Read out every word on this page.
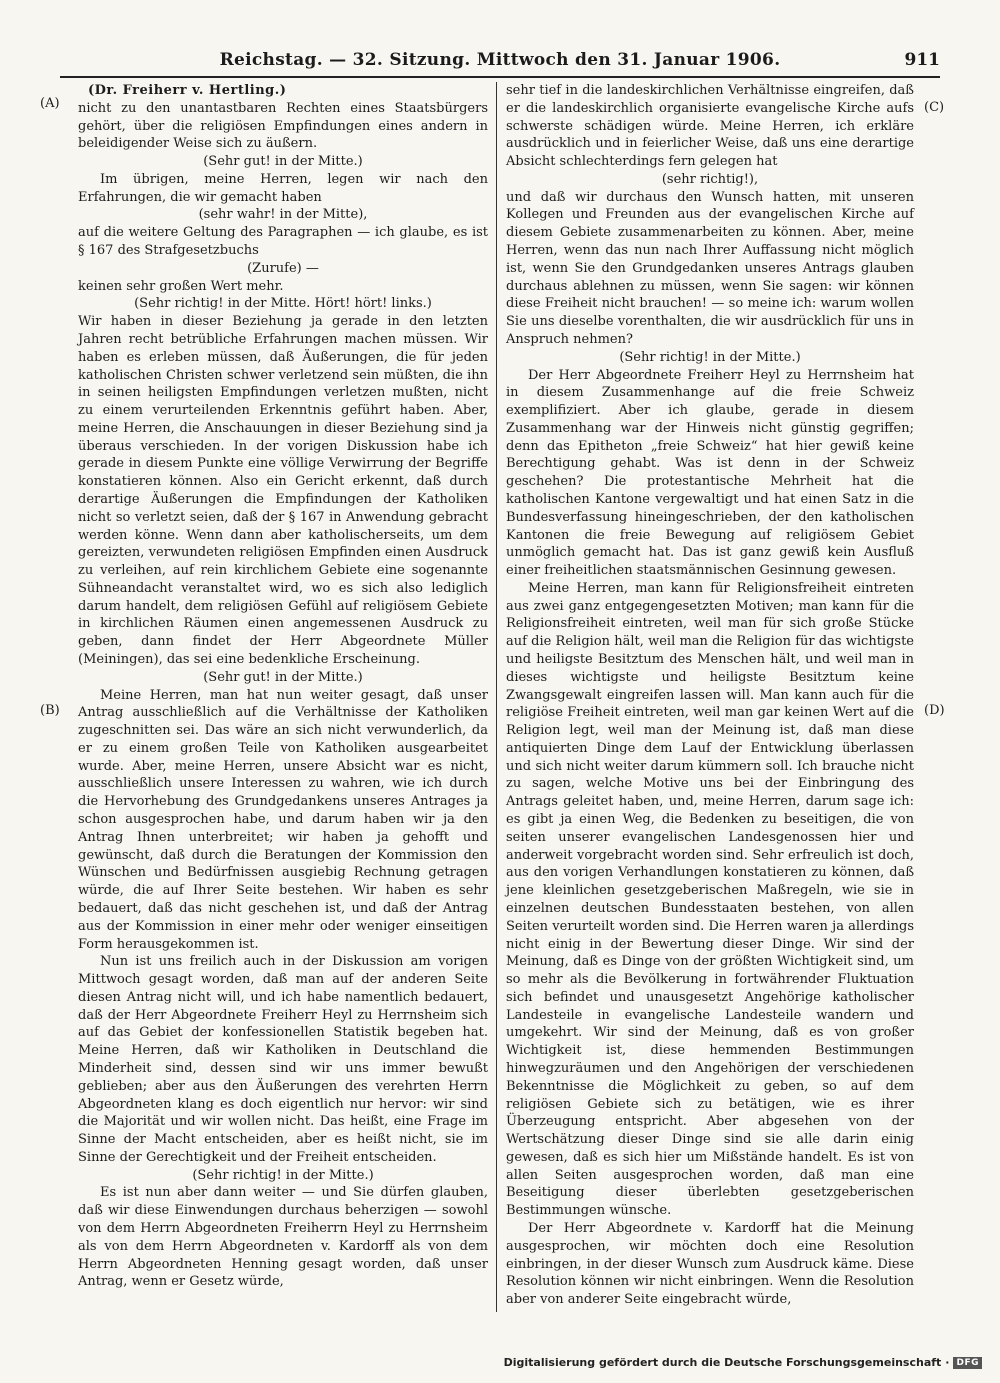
Reichstag. — 32. Sitzung. Mittwoch den 31. Januar 1906.	911
(A)
(B)
(C)
(D)

(Dr. Freiherr v. Hertling.)

nicht zu den unantastbaren Rechten eines Staatsbürgers gehört, über die religiösen Empfindungen eines andern in beleidigender Weise sich zu äußern.

(Sehr gut! in der Mitte.)

Im übrigen, meine Herren, legen wir nach den Erfahrungen, die wir gemacht haben

(sehr wahr! in der Mitte),

auf die weitere Geltung des Paragraphen — ich glaube, es ist § 167 des Strafgesetzbuchs

(Zurufe) —

keinen sehr großen Wert mehr.

(Sehr richtig! in der Mitte. Hört! hört! links.)

Wir haben in dieser Beziehung ja gerade in den letzten Jahren recht betrübliche Erfahrungen machen müssen. Wir haben es erleben müssen, daß Äußerungen, die für jeden katholischen Christen schwer verletzend sein müßten, die ihn in seinen heiligsten Empfindungen verletzen mußten, nicht zu einem verurteilenden Erkenntnis geführt haben. Aber, meine Herren, die Anschauungen in dieser Beziehung sind ja überaus verschieden. In der vorigen Diskussion habe ich gerade in diesem Punkte eine völlige Verwirrung der Begriffe konstatieren können. Also ein Gericht erkennt, daß durch derartige Äußerungen die Empfindungen der Katholiken nicht so verletzt seien, daß der § 167 in Anwendung gebracht werden könne. Wenn dann aber katholischerseits, um dem gereizten, verwundeten religiösen Empfinden einen Ausdruck zu verleihen, auf rein kirchlichem Gebiete eine sogenannte Sühneandacht veranstaltet wird, wo es sich also lediglich darum handelt, dem religiösen Gefühl auf religiösem Gebiete in kirchlichen Räumen einen angemessenen Ausdruck zu geben, dann findet der Herr Abgeordnete Müller (Meiningen), das sei eine bedenkliche Erscheinung.

(Sehr gut! in der Mitte.)

Meine Herren, man hat nun weiter gesagt, daß unser Antrag ausschließlich auf die Verhältnisse der Katholiken zugeschnitten sei. Das wäre an sich nicht verwunderlich, da er zu einem großen Teile von Katholiken ausgearbeitet wurde. Aber, meine Herren, unsere Absicht war es nicht, ausschließlich unsere Interessen zu wahren, wie ich durch die Hervorhebung des Grundgedankens unseres Antrages ja schon ausgesprochen habe, und darum haben wir ja den Antrag Ihnen unterbreitet; wir haben ja gehofft und gewünscht, daß durch die Beratungen der Kommission den Wünschen und Bedürfnissen ausgiebig Rechnung getragen würde, die auf Ihrer Seite bestehen. Wir haben es sehr bedauert, daß das nicht geschehen ist, und daß der Antrag aus der Kommission in einer mehr oder weniger einseitigen Form herausgekommen ist.

Nun ist uns freilich auch in der Diskussion am vorigen Mittwoch gesagt worden, daß man auf der anderen Seite diesen Antrag nicht will, und ich habe namentlich bedauert, daß der Herr Abgeordnete Freiherr Heyl zu Herrnsheim sich auf das Gebiet der konfessionellen Statistik begeben hat. Meine Herren, daß wir Katholiken in Deutschland die Minderheit sind, dessen sind wir uns immer bewußt geblieben; aber aus den Äußerungen des verehrten Herrn Abgeordneten klang es doch eigentlich nur hervor: wir sind die Majorität und wir wollen nicht. Das heißt, eine Frage im Sinne der Macht entscheiden, aber es heißt nicht, sie im Sinne der Gerechtigkeit und der Freiheit entscheiden.

(Sehr richtig! in der Mitte.)

Es ist nun aber dann weiter — und Sie dürfen glauben, daß wir diese Einwendungen durchaus beherzigen — sowohl von dem Herrn Abgeordneten Freiherrn Heyl zu Herrnsheim als von dem Herrn Abgeordneten v. Kardorff als von dem Herrn Abgeordneten Henning gesagt worden, daß unser Antrag, wenn er Gesetz würde,

sehr tief in die landeskirchlichen Verhältnisse eingreifen, daß er die landeskirchlich organisierte evangelische Kirche aufs schwerste schädigen würde. Meine Herren, ich erkläre ausdrücklich und in feierlicher Weise, daß uns eine derartige Absicht schlechterdings fern gelegen hat

(sehr richtig!),

und daß wir durchaus den Wunsch hatten, mit unseren Kollegen und Freunden aus der evangelischen Kirche auf diesem Gebiete zusammenarbeiten zu können. Aber, meine Herren, wenn das nun nach Ihrer Auffassung nicht möglich ist, wenn Sie den Grundgedanken unseres Antrags glauben durchaus ablehnen zu müssen, wenn Sie sagen: wir können diese Freiheit nicht brauchen! — so meine ich: warum wollen Sie uns dieselbe vorenthalten, die wir ausdrücklich für uns in Anspruch nehmen?

(Sehr richtig! in der Mitte.)

Der Herr Abgeordnete Freiherr Heyl zu Herrnsheim hat in diesem Zusammenhange auf die freie Schweiz exemplifiziert. Aber ich glaube, gerade in diesem Zusammenhang war der Hinweis nicht günstig gegriffen; denn das Epitheton „freie Schweiz“ hat hier gewiß keine Berechtigung gehabt. Was ist denn in der Schweiz geschehen? Die protestantische Mehrheit hat die katholischen Kantone vergewaltigt und hat einen Satz in die Bundesverfassung hineingeschrieben, der den katholischen Kantonen die freie Bewegung auf religiösem Gebiet unmöglich gemacht hat. Das ist ganz gewiß kein Ausfluß einer freiheitlichen staatsmännischen Gesinnung gewesen.

Meine Herren, man kann für Religionsfreiheit eintreten aus zwei ganz entgegengesetzten Motiven; man kann für die Religionsfreiheit eintreten, weil man für sich große Stücke auf die Religion hält, weil man die Religion für das wichtigste und heiligste Besitztum des Menschen hält, und weil man in dieses wichtigste und heiligste Besitztum keine Zwangsgewalt eingreifen lassen will. Man kann auch für die religiöse Freiheit eintreten, weil man gar keinen Wert auf die Religion legt, weil man der Meinung ist, daß man diese antiquierten Dinge dem Lauf der Entwicklung überlassen und sich nicht weiter darum kümmern soll. Ich brauche nicht zu sagen, welche Motive uns bei der Einbringung des Antrags geleitet haben, und, meine Herren, darum sage ich: es gibt ja einen Weg, die Bedenken zu beseitigen, die von seiten unserer evangelischen Landesgenossen hier und anderweit vorgebracht worden sind. Sehr erfreulich ist doch, aus den vorigen Verhandlungen konstatieren zu können, daß jene kleinlichen gesetzgeberischen Maßregeln, wie sie in einzelnen deutschen Bundesstaaten bestehen, von allen Seiten verurteilt worden sind. Die Herren waren ja allerdings nicht einig in der Bewertung dieser Dinge. Wir sind der Meinung, daß es Dinge von der größten Wichtigkeit sind, um so mehr als die Bevölkerung in fortwährender Fluktuation sich befindet und unausgesetzt Angehörige katholischer Landesteile in evangelische Landesteile wandern und umgekehrt. Wir sind der Meinung, daß es von großer Wichtigkeit ist, diese hemmenden Bestimmungen hinwegzuräumen und den Angehörigen der verschiedenen Bekenntnisse die Möglichkeit zu geben, so auf dem religiösen Gebiete sich zu betätigen, wie es ihrer Überzeugung entspricht. Aber abgesehen von der Wertschätzung dieser Dinge sind sie alle darin einig gewesen, daß es sich hier um Mißstände handelt. Es ist von allen Seiten ausgesprochen worden, daß man eine Beseitigung dieser überlebten gesetzgeberischen Bestimmungen wünsche.

Der Herr Abgeordnete v. Kardorff hat die Meinung ausgesprochen, wir möchten doch eine Resolution einbringen, in der dieser Wunsch zum Ausdruck käme. Diese Resolution können wir nicht einbringen. Wenn die Resolution aber von anderer Seite eingebracht würde,

Digitalisierung gefördert durch die Deutsche Forschungsgemeinschaft · DFG
